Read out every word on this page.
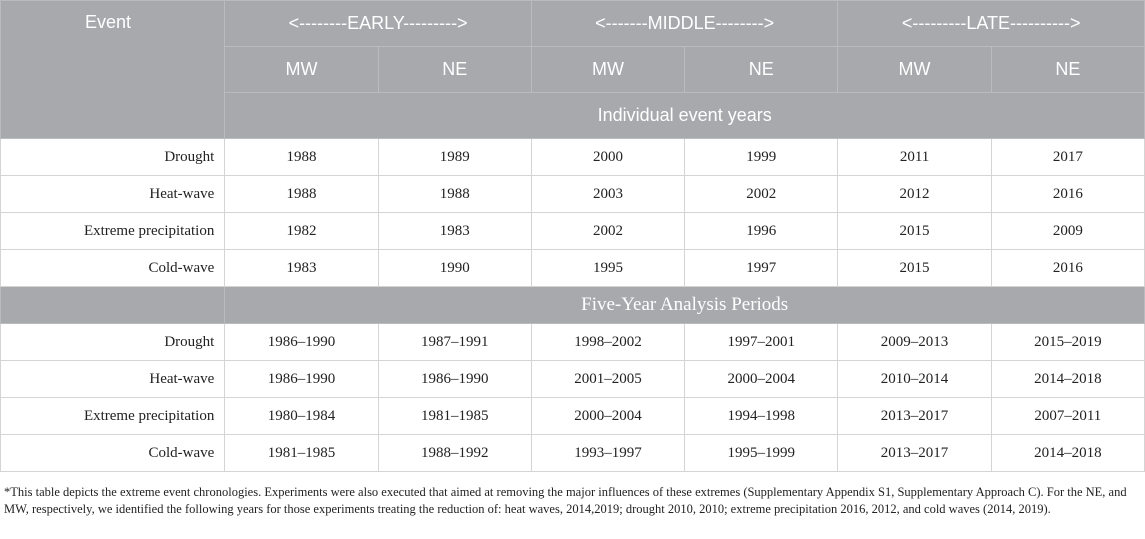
Event	<--------EARLY--------->		<-------MIDDLE-------->		<---------LATE---------->	
	MW	NE	MW	NE	MW	NE
	Individual event years					
Drought	1988	1989	2000	1999	2011	2017
Heat-wave	1988	1988	2003	2002	2012	2016
Extreme precipitation	1982	1983	2002	1996	2015	2009
Cold-wave	1983	1990	1995	1997	2015	2016
	Five-Year Analysis Periods					
Drought	1986–1990	1987–1991	1998–2002	1997–2001	2009–2013	2015–2019
Heat-wave	1986–1990	1986–1990	2001–2005	2000–2004	2010–2014	2014–2018
Extreme precipitation	1980–1984	1981–1985	2000–2004	1994–1998	2013–2017	2007–2011
Cold-wave	1981–1985	1988–1992	1993–1997	1995–1999	2013–2017	2014–2018
*This table depicts the extreme event chronologies. Experiments were also executed that aimed at removing the major influences of these extremes (Supplementary Appendix S1, Supplementary Approach C). For the NE, and MW, respectively, we identified the following years for those experiments treating the reduction of: heat waves, 2014,2019; drought 2010, 2010; extreme precipitation 2016, 2012, and cold waves (2014, 2019).
